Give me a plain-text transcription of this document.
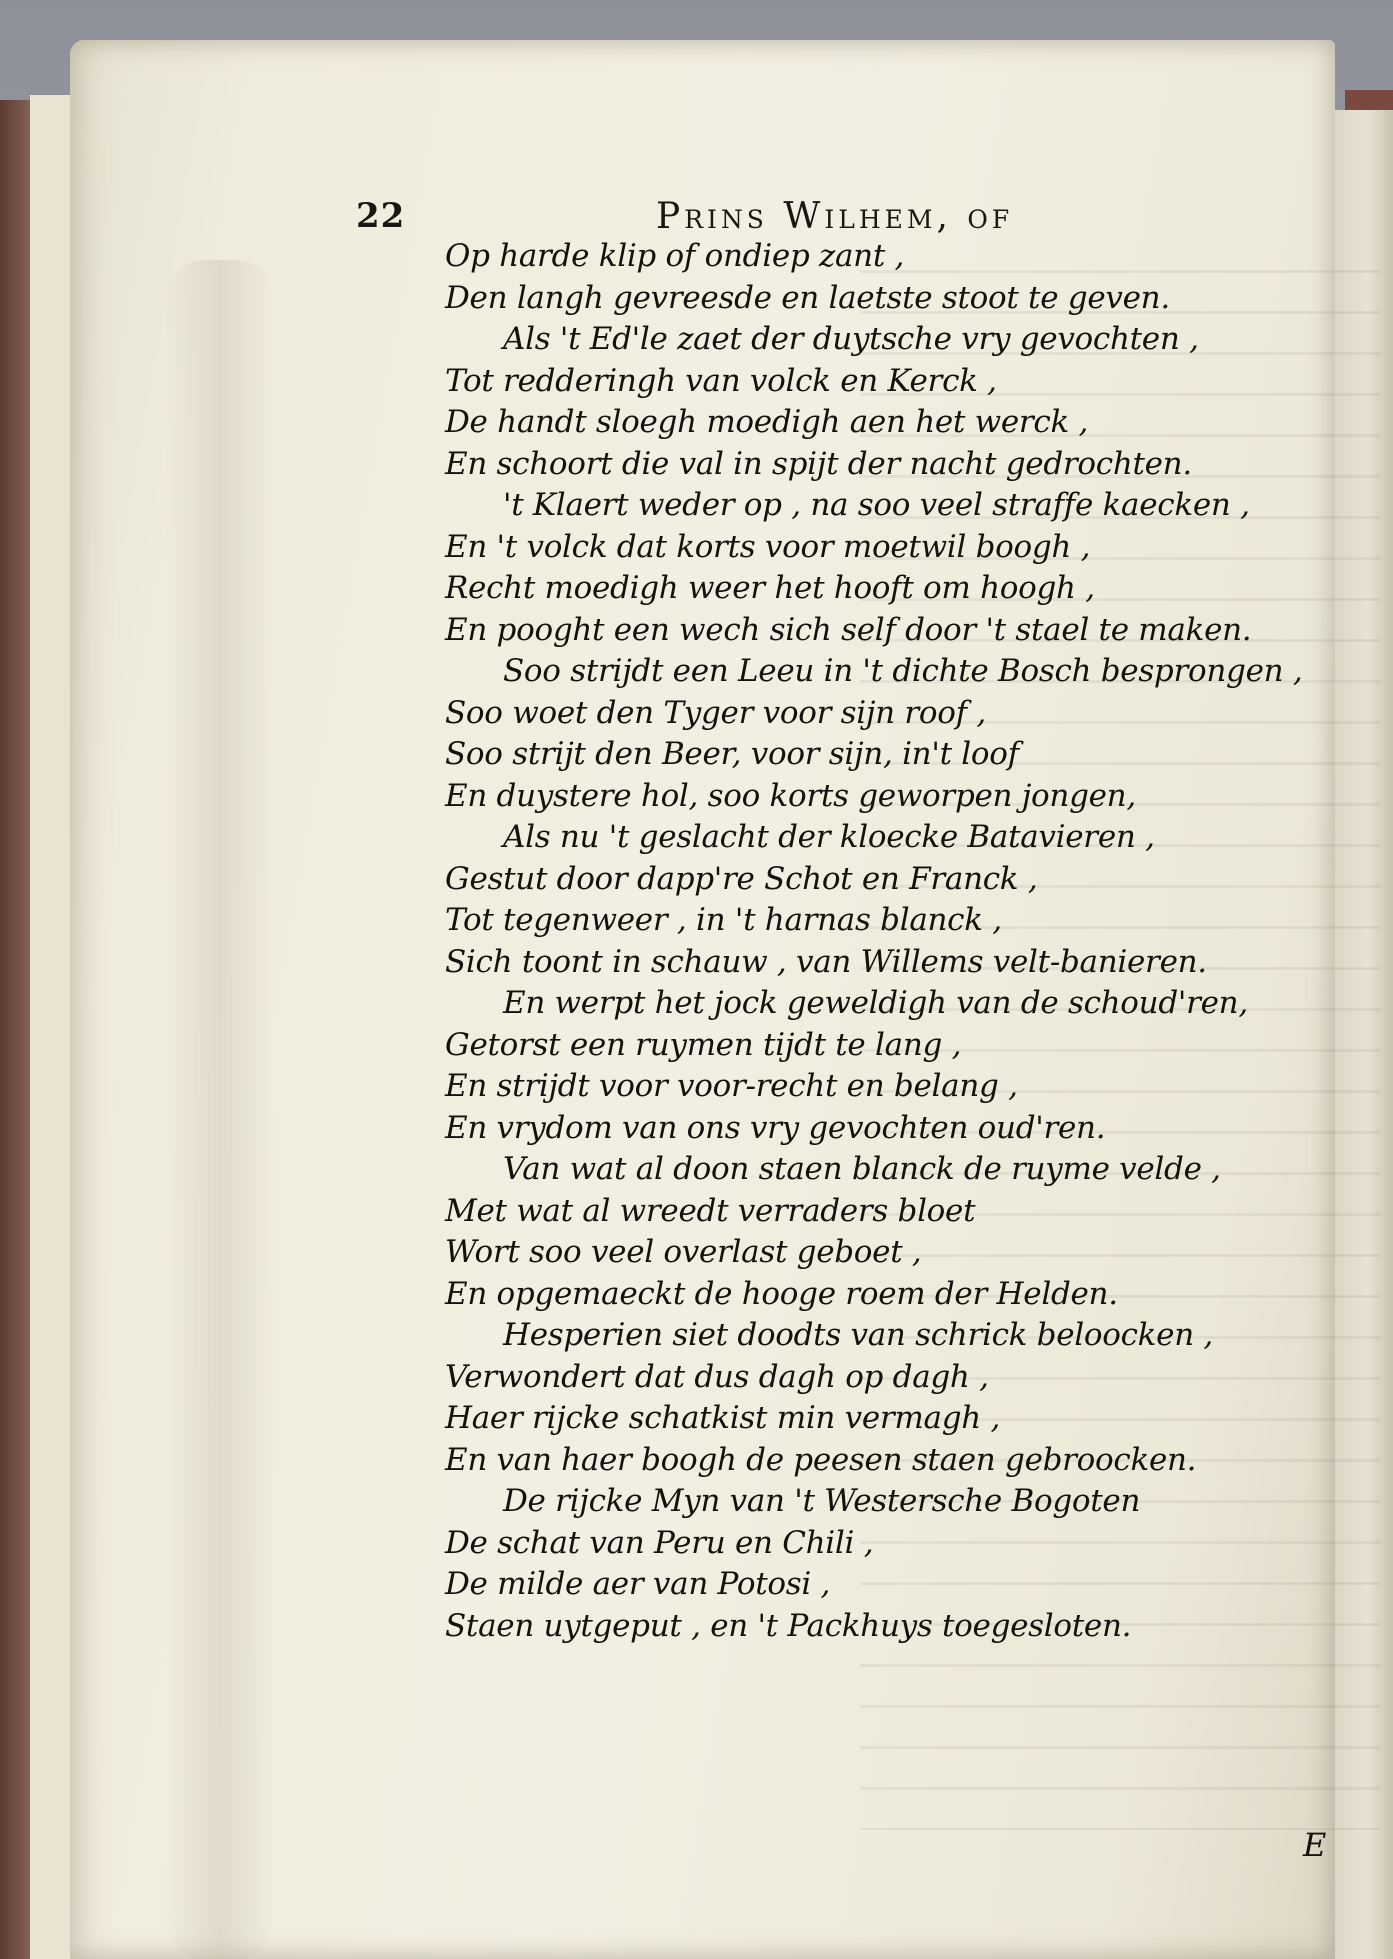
22	Prins Wilhem, of
Op harde klip of ondiep zant ,
Den langh gevreesde en laetste stoot te geven.
Als 't Ed'le zaet der duytsche vry gevochten ,
Tot redderingh van volck en Kerck ,
De handt sloegh moedigh aen het werck ,
En schoort die val in spijt der nacht gedrochten.
't Klaert weder op , na soo veel straffe kaecken ,
En 't volck dat korts voor moetwil boogh ,
Recht moedigh weer het hooft om hoogh ,
En pooght een wech sich self door 't stael te maken.
Soo strijdt een Leeu in 't dichte Bosch besprongen ,
Soo woet den Tyger voor sijn roof ,
Soo strijt den Beer, voor sijn, in't loof
En duystere hol, soo korts geworpen jongen,
Als nu 't geslacht der kloecke Batavieren ,
Gestut door dapp're Schot en Franck ,
Tot tegenweer , in 't harnas blanck ,
Sich toont in schauw , van Willems velt-banieren.
En werpt het jock geweldigh van de schoud'ren,
Getorst een ruymen tijdt te lang ,
En strijdt voor voor-recht en belang ,
En vrydom van ons vry gevochten oud'ren.
Van wat al doon staen blanck de ruyme velde ,
Met wat al wreedt verraders bloet
Wort soo veel overlast geboet ,
En opgemaeckt de hooge roem der Helden.
Hesperien siet doodts van schrick beloocken ,
Verwondert dat dus dagh op dagh ,
Haer rijcke schatkist min vermagh ,
En van haer boogh de peesen staen gebroocken.
De rijcke Myn van 't Westersche Bogoten
De schat van Peru en Chili ,
De milde aer van Potosi ,
Staen uytgeput , en 't Packhuys toegesloten.
E
